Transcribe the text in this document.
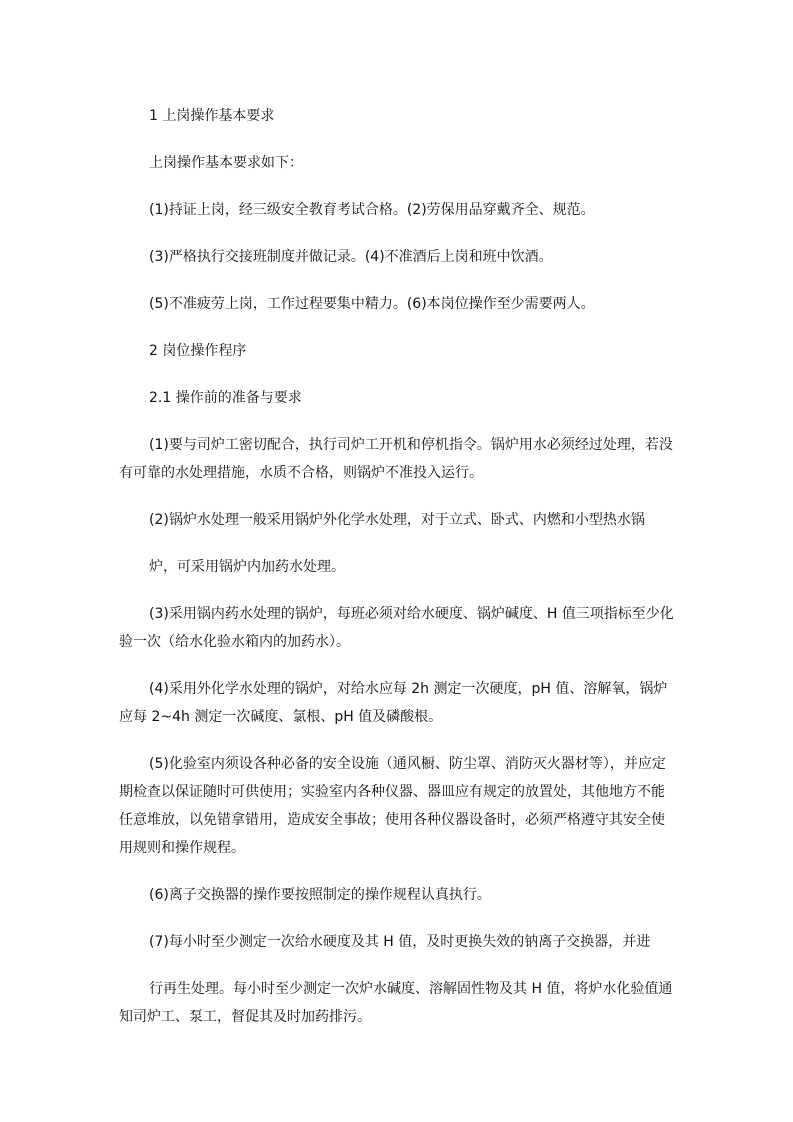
1 上岗操作基本要求

上岗操作基本要求如下：

(1)持证上岗，经三级安全教育考试合格。(2)劳保用品穿戴齐全、规范。

(3)严格执行交接班制度并做记录。(4)不准酒后上岗和班中饮酒。

(5)不准疲劳上岗，工作过程要集中精力。(6)本岗位操作至少需要两人。

2 岗位操作程序

2.1 操作前的准备与要求

(1)要与司炉工密切配合，执行司炉工开机和停机指令。锅炉用水必须经过处理，若没有可靠的水处理措施，水质不合格，则锅炉不准投入运行。

(2)锅炉水处理一般采用锅炉外化学水处理，对于立式、卧式、内燃和小型热水锅

炉，可采用锅炉内加药水处理。

(3)采用锅内药水处理的锅炉，每班必须对给水硬度、锅炉碱度、H 值三项指标至少化验一次（给水化验水箱内的加药水）。

(4)采用外化学水处理的锅炉，对给水应每 2h 测定一次硬度，pH 值、溶解氧，锅炉应每 2~4h 测定一次碱度、氯根、pH 值及磷酸根。

(5)化验室内须设各种必备的安全设施（通风橱、防尘罩、消防灭火器材等），并应定期检查以保证随时可供使用；实验室内各种仪器、器皿应有规定的放置处，其他地方不能任意堆放，以免错拿错用，造成安全事故；使用各种仪器设备时，必须严格遵守其安全使用规则和操作规程。

(6)离子交换器的操作要按照制定的操作规程认真执行。

(7)每小时至少测定一次给水硬度及其 H 值，及时更换失效的钠离子交换器，并进

行再生处理。每小时至少测定一次炉水碱度、溶解固性物及其 H 值，将炉水化验值通知司炉工、泵工，督促其及时加药排污。
